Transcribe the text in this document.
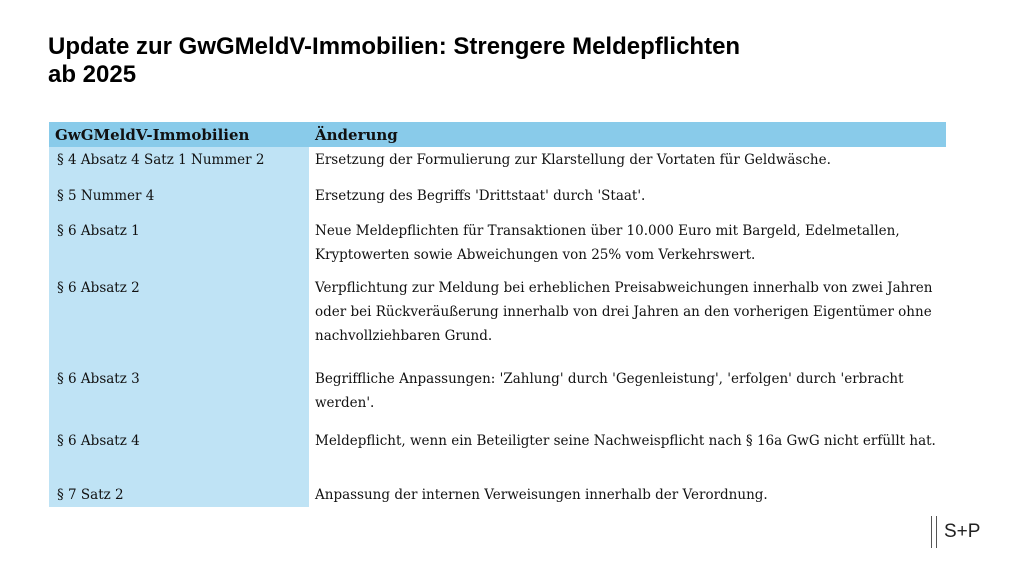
Update zur GwGMeldV-Immobilien: Strengere Meldepflichten ab 2025
GwGMeldV-Immobilien	Änderung
§ 4 Absatz 4 Satz 1 Nummer 2	Ersetzung der Formulierung zur Klarstellung der Vortaten für Geldwäsche.
§ 5 Nummer 4	Ersetzung des Begriffs 'Drittstaat' durch 'Staat'.
§ 6 Absatz 1	Neue Meldepflichten für Transaktionen über 10.000 Euro mit Bargeld, Edelmetallen, Kryptowerten sowie Abweichungen von 25% vom Verkehrswert.
§ 6 Absatz 2	Verpflichtung zur Meldung bei erheblichen Preisabweichungen innerhalb von zwei Jahren oder bei Rückveräußerung innerhalb von drei Jahren an den vorherigen Eigentümer ohne nachvollziehbaren Grund.
§ 6 Absatz 3	Begriffliche Anpassungen: 'Zahlung' durch 'Gegenleistung', 'erfolgen' durch 'erbracht werden'.
§ 6 Absatz 4	Meldepflicht, wenn ein Beteiligter seine Nachweispflicht nach § 16a GwG nicht erfüllt hat.
§ 7 Satz 2	Anpassung der internen Verweisungen innerhalb der Verordnung.
S+P
